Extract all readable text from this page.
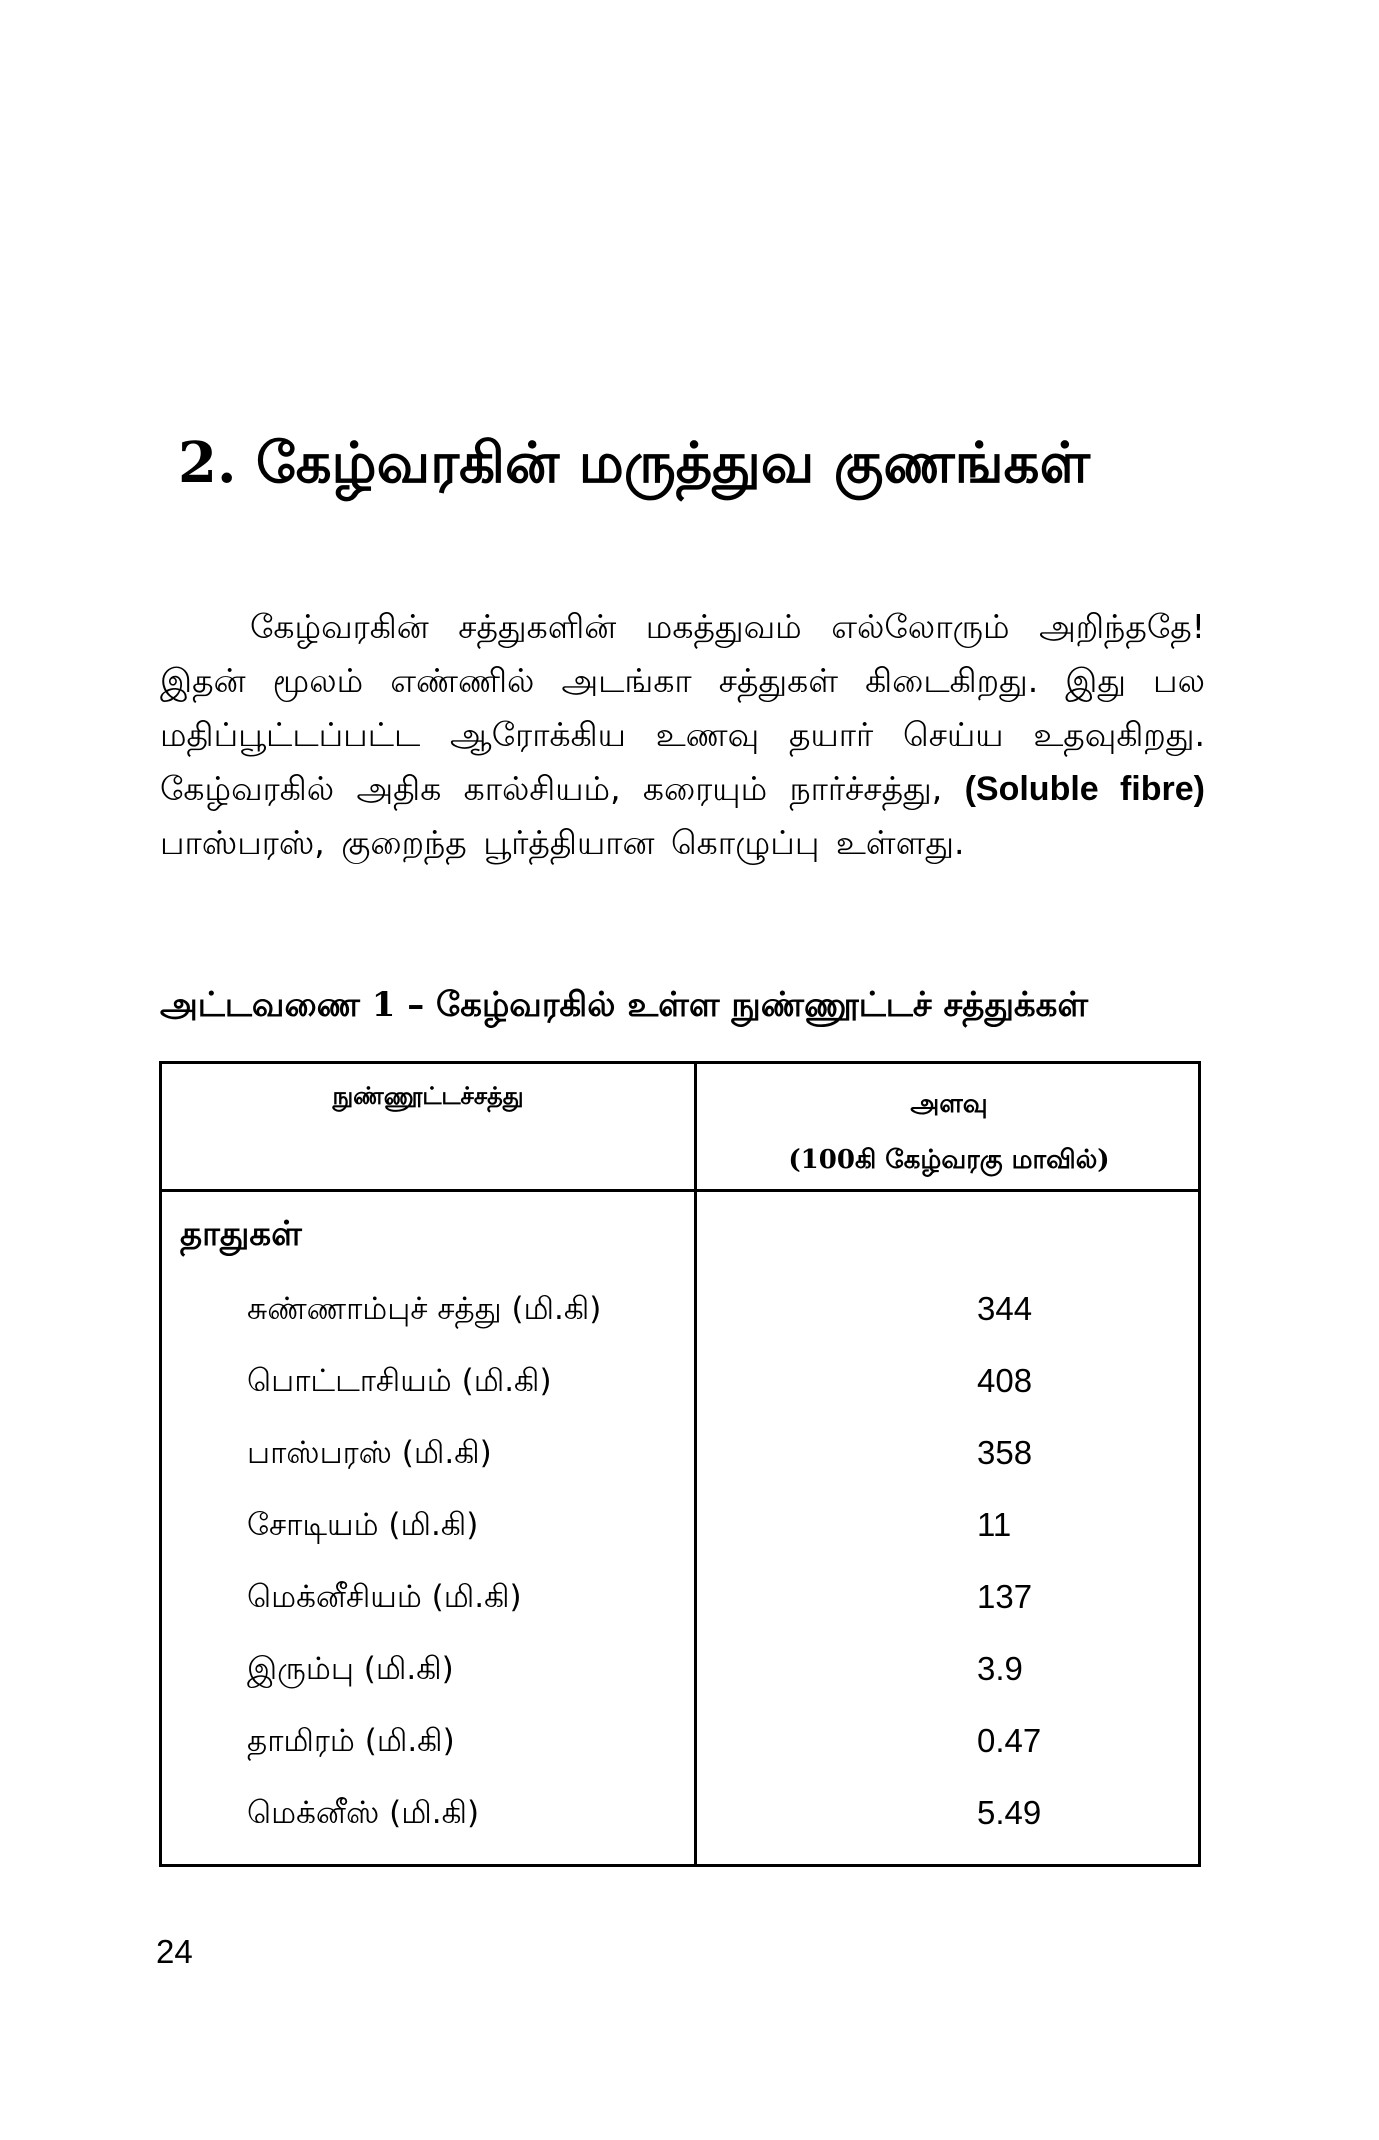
2. கேழ்வரகின் மருத்துவ குணங்கள்

கேழ்வரகின் சத்துகளின் மகத்துவம் எல்லோரும் அறிந்ததே! இதன் மூலம் எண்ணில் அடங்கா சத்துகள் கிடைகிறது. இது பல மதிப்பூட்டப்பட்ட ஆரோக்கிய உணவு தயார் செய்ய உதவுகிறது. கேழ்வரகில் அதிக கால்சியம், கரையும் நார்ச்சத்து, (Soluble fibre) பாஸ்பரஸ், குறைந்த பூர்த்தியான கொழுப்பு உள்ளது.

அட்டவணை 1 – கேழ்வரகில் உள்ள நுண்ணூட்டச் சத்துக்கள்
நுண்ணூட்டச்சத்து	அளவு
(100கி கேழ்வரகு மாவில்)
தாதுகள்
சுண்ணாம்புச் சத்து (மி.கி)	344
பொட்டாசியம் (மி.கி)	408
பாஸ்பரஸ் (மி.கி)	358
சோடியம் (மி.கி)	11
மெக்னீசியம் (மி.கி)	137
இரும்பு (மி.கி)	3.9
தாமிரம் (மி.கி)	0.47
மெக்னீஸ் (மி.கி)	5.49
24
